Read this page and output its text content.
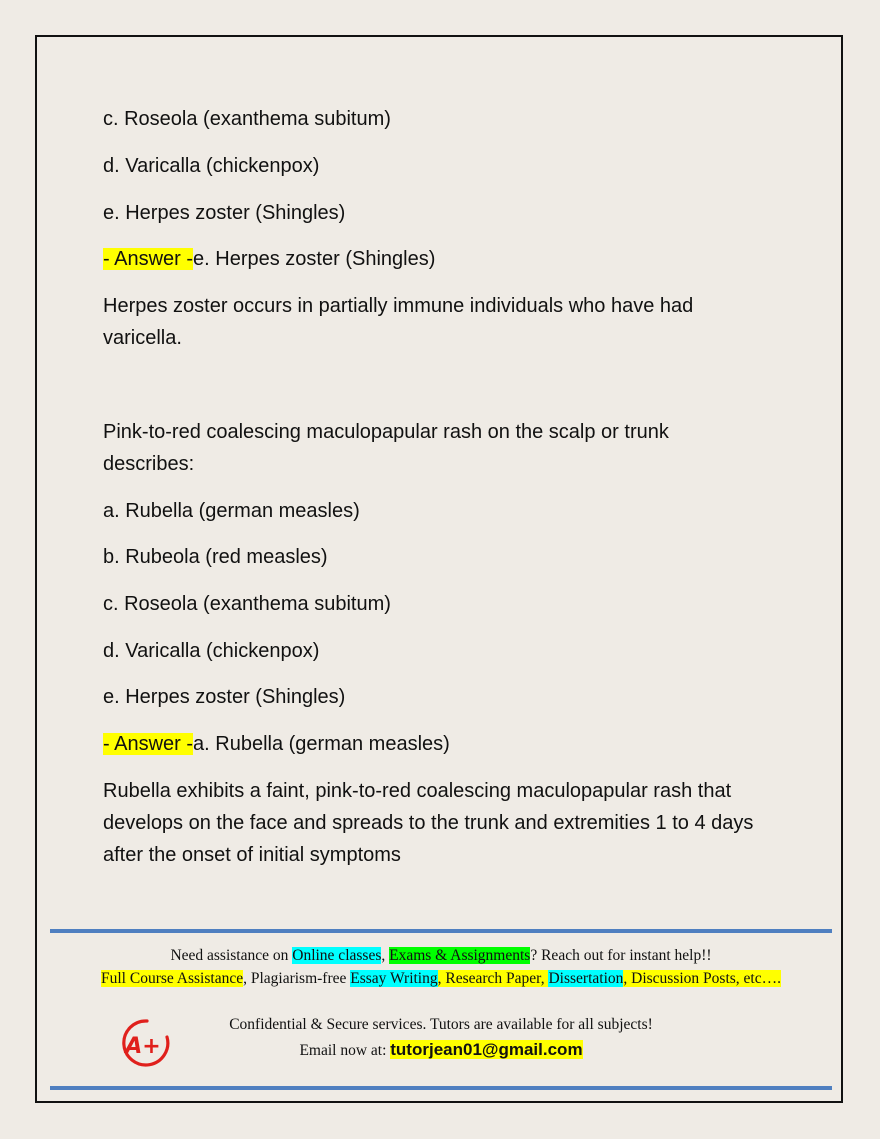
c. Roseola (exanthema subitum)

d. Varicalla (chickenpox)

e. Herpes zoster (Shingles)

- Answer -e. Herpes zoster (Shingles)

Herpes zoster occurs in partially immune individuals who have had varicella.

Pink-to-red coalescing maculopapular rash on the scalp or trunk describes:

a. Rubella (german measles)

b. Rubeola (red measles)

c. Roseola (exanthema subitum)

d. Varicalla (chickenpox)

e. Herpes zoster (Shingles)

- Answer -a. Rubella (german measles)

Rubella exhibits a faint, pink-to-red coalescing maculopapular rash that develops on the face and spreads to the trunk and extremities 1 to 4 days after the onset of initial symptoms

Need assistance on Online classes, Exams & Assignments? Reach out for instant help!!
Full Course Assistance, Plagiarism-free Essay Writing, Research Paper, Dissertation, Discussion Posts, etc….
A+
Confidential & Secure services. Tutors are available for all subjects!
Email now at: tutorjean01@gmail.com
